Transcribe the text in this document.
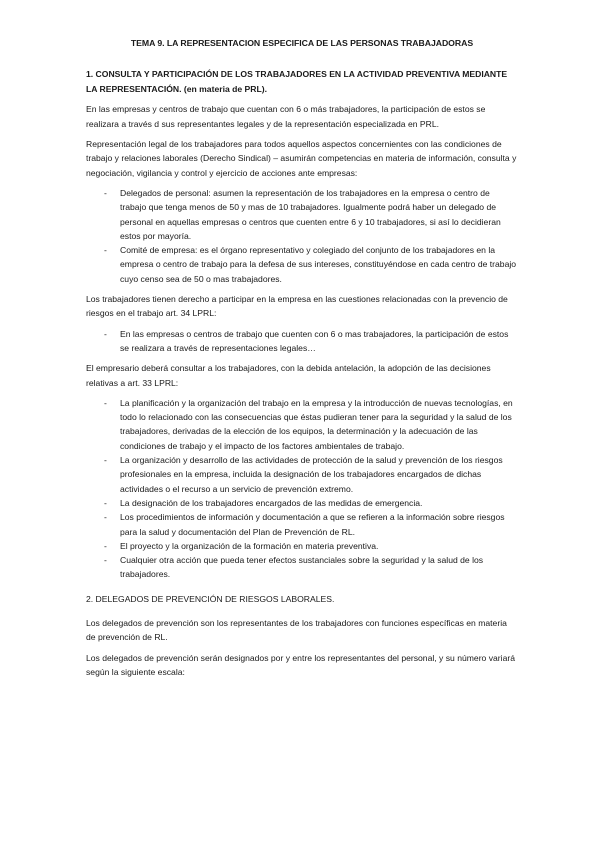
TEMA 9. LA REPRESENTACION ESPECIFICA DE LAS PERSONAS TRABAJADORAS
1. CONSULTA Y PARTICIPACIÓN DE LOS TRABAJADORES EN LA ACTIVIDAD PREVENTIVA MEDIANTE LA REPRESENTACIÓN. (en materia de PRL).

En las empresas y centros de trabajo que cuentan con 6 o más trabajadores, la participación de estos se realizara a través d sus representantes legales y de la representación especializada en PRL.

Representación legal de los trabajadores para todos aquellos aspectos concernientes con las condiciones de trabajo y relaciones laborales (Derecho Sindical) – asumirán competencias en materia de información, consulta y negociación, vigilancia y control y ejercicio de acciones ante empresas:

- Delegados de personal: asumen la representación de los trabajadores en la empresa o centro de trabajo que tenga menos de 50 y mas de 10 trabajadores. Igualmente podrá haber un delegado de personal en aquellas empresas o centros que cuenten entre 6 y 10 trabajadores, si así lo decidieran estos por mayoría.
- Comité de empresa: es el órgano representativo y colegiado del conjunto de los trabajadores en la empresa o centro de trabajo para la defesa de sus intereses, constituyéndose en cada centro de trabajo cuyo censo sea de 50 o mas trabajadores.

Los trabajadores tienen derecho a participar en la empresa en las cuestiones relacionadas con la prevencio de riesgos en el trabajo art. 34 LPRL:

- En las empresas o centros de trabajo que cuenten con 6 o mas trabajadores, la participación de estos se realizara a través de representaciones legales…

El empresario deberá consultar a los trabajadores, con la debida antelación, la adopción de las decisiones relativas a art. 33 LPRL:

- La planificación y la organización del trabajo en la empresa y la introducción de nuevas tecnologías, en todo lo relacionado con las consecuencias que éstas pudieran tener para la seguridad y la salud de los trabajadores, derivadas de la elección de los equipos, la determinación y la adecuación de las condiciones de trabajo y el impacto de los factores ambientales de trabajo.
- La organización y desarrollo de las actividades de protección de la salud y prevención de los riesgos profesionales en la empresa, incluida la designación de los trabajadores encargados de dichas actividades o el recurso a un servicio de prevención extremo.
- La designación de los trabajadores encargados de las medidas de emergencia.
- Los procedimientos de información y documentación a que se refieren a la información sobre riesgos para la salud y documentación del Plan de Prevención de RL.
- El proyecto y la organización de la formación en materia preventiva.
- Cualquier otra acción que pueda tener efectos sustanciales sobre la seguridad y la salud de los trabajadores.
2. DELEGADOS DE PREVENCIÓN DE RIESGOS LABORALES.

Los delegados de prevención son los representantes de los trabajadores con funciones específicas en materia de prevención de RL.

Los delegados de prevención serán designados por y entre los representantes del personal, y su número variará según la siguiente escala:
